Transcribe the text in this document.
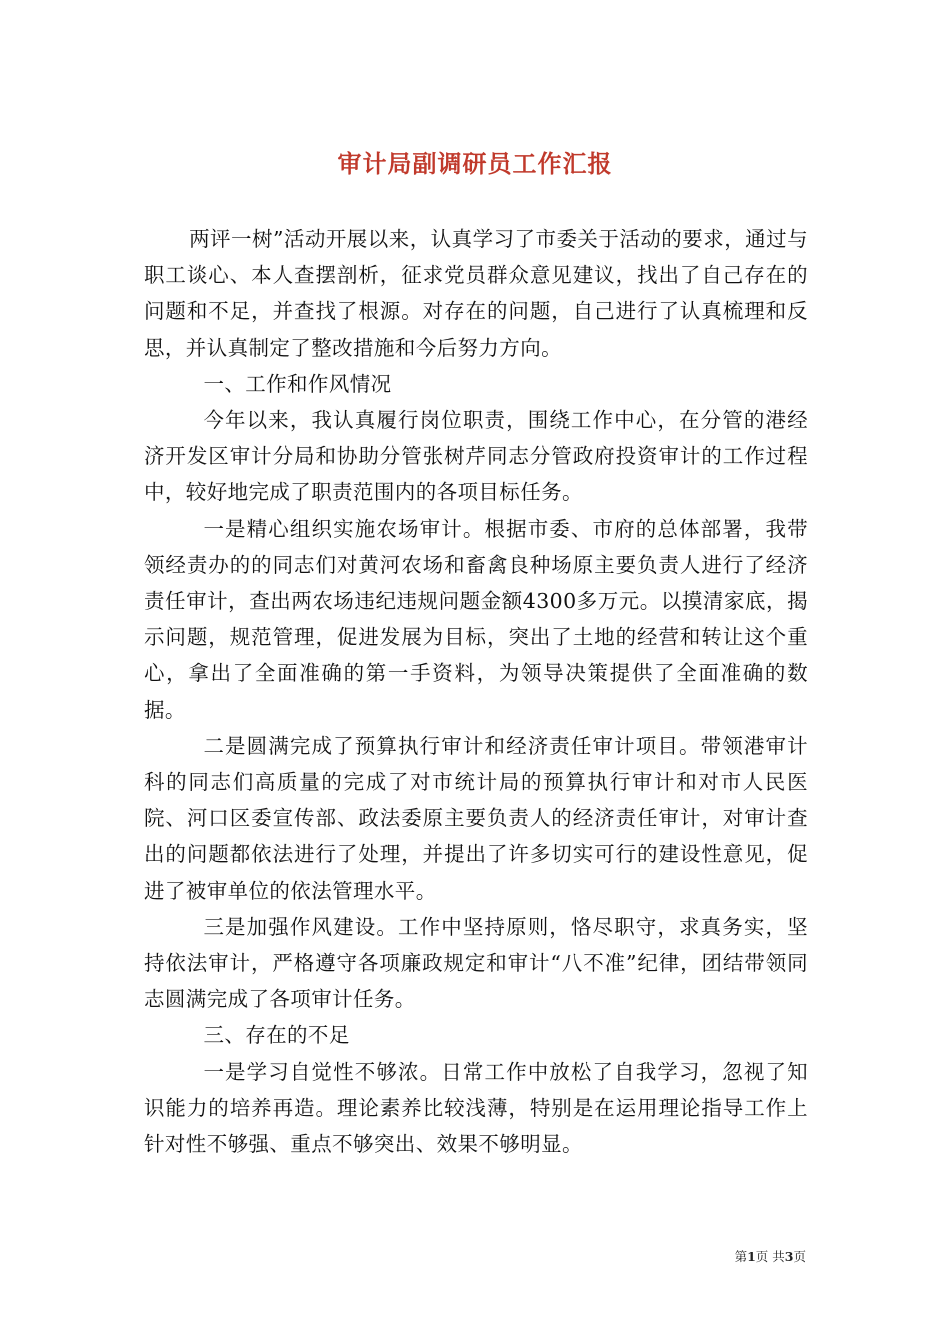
审计局副调研员工作汇报

两评一树”活动开展以来，认真学习了市委关于活动的要求，通过与职工谈心、本人查摆剖析，征求党员群众意见建议，找出了自己存在的问题和不足，并查找了根源。对存在的问题，自己进行了认真梳理和反思，并认真制定了整改措施和今后努力方向。

一、工作和作风情况

今年以来，我认真履行岗位职责，围绕工作中心，在分管的港经济开发区审计分局和协助分管张树芹同志分管政府投资审计的工作过程中，较好地完成了职责范围内的各项目标任务。

一是精心组织实施农场审计。根据市委、市府的总体部署，我带领经责办的的同志们对黄河农场和畜禽良种场原主要负责人进行了经济责任审计，查出两农场违纪违规问题金额4300多万元。以摸清家底，揭示问题，规范管理，促进发展为目标，突出了土地的经营和转让这个重心，拿出了全面准确的第一手资料，为领导决策提供了全面准确的数据。

二是圆满完成了预算执行审计和经济责任审计项目。带领港审计科的同志们高质量的完成了对市统计局的预算执行审计和对市人民医院、河口区委宣传部、政法委原主要负责人的经济责任审计，对审计查出的问题都依法进行了处理，并提出了许多切实可行的建设性意见，促进了被审单位的依法管理水平。

三是加强作风建设。工作中坚持原则，恪尽职守，求真务实，坚持依法审计，严格遵守各项廉政规定和审计“八不准”纪律，团结带领同志圆满完成了各项审计任务。

三、存在的不足

一是学习自觉性不够浓。日常工作中放松了自我学习，忽视了知识能力的培养再造。理论素养比较浅薄，特别是在运用理论指导工作上针对性不够强、重点不够突出、效果不够明显。

第1页 共3页
